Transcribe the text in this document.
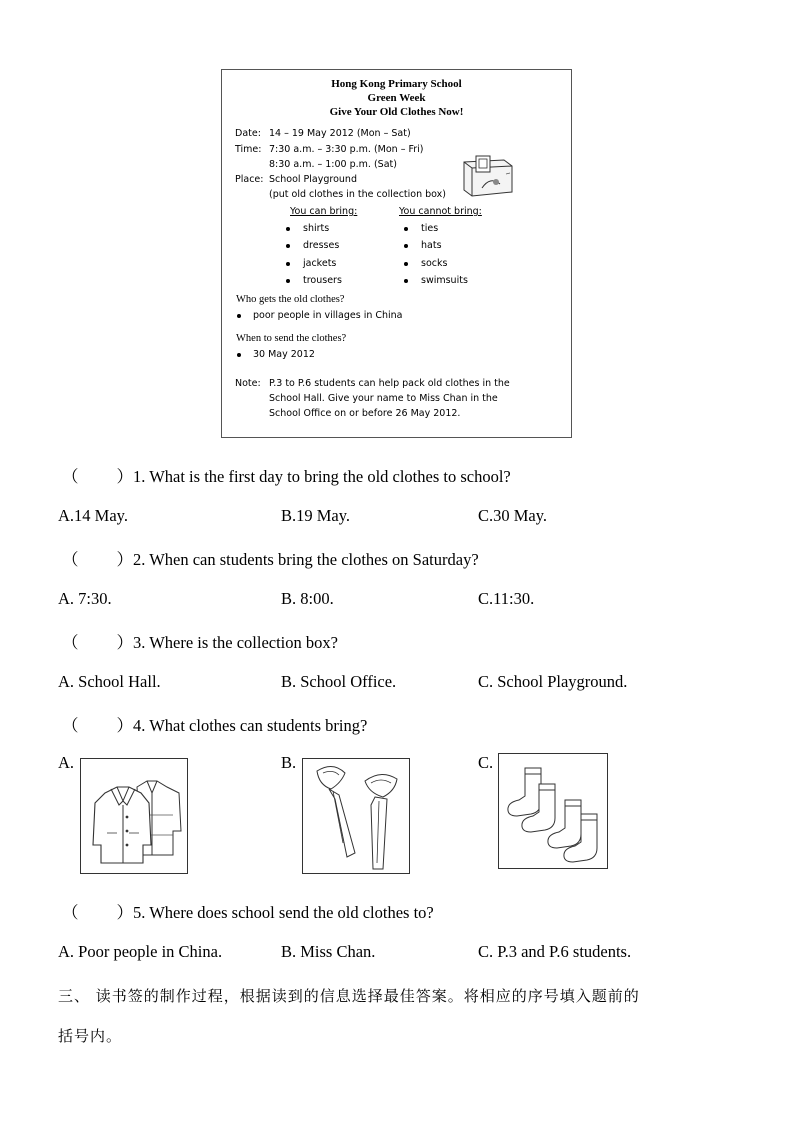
Hong Kong Primary School
Green Week
Give Your Old Clothes Now!
Date: 14 – 19 May 2012 (Mon – Sat)
Time: 7:30 a.m. – 3:30 p.m. (Mon – Fri)
8:30 a.m. – 1:00 p.m. (Sat)
Place: School Playground
(put old clothes in the collection box)
You can bring:	You cannot bring:
shirts
dresses
jackets
trousers
ties
hats
socks
swimsuits
Who gets the old clothes?
poor people in villages in China
When to send the clothes?
30 May 2012
Note: P.3 to P.6 students can help pack old clothes in the
School Hall. Give your name to Miss Chan in the
School Office on or before 26 May 2012.
（ ）1. What is the first day to bring the old clothes to school?
A.14 May.	B.19 May.	C.30 May.
（ ）2. When can students bring the clothes on Saturday?
A. 7:30.	B. 8:00.	C.11:30.
（ ）3. Where is the collection box?
A. School Hall.	B. School Office.	C. School Playground.
（ ）4. What clothes can students bring?
A.	B.	C.
（ ）5. Where does school send the old clothes to?
A. Poor people in China.	B. Miss Chan.	C. P.3 and P.6 students.
三、 读书签的制作过程，根据读到的信息选择最佳答案。将相应的序号填入题前的
括号内。
